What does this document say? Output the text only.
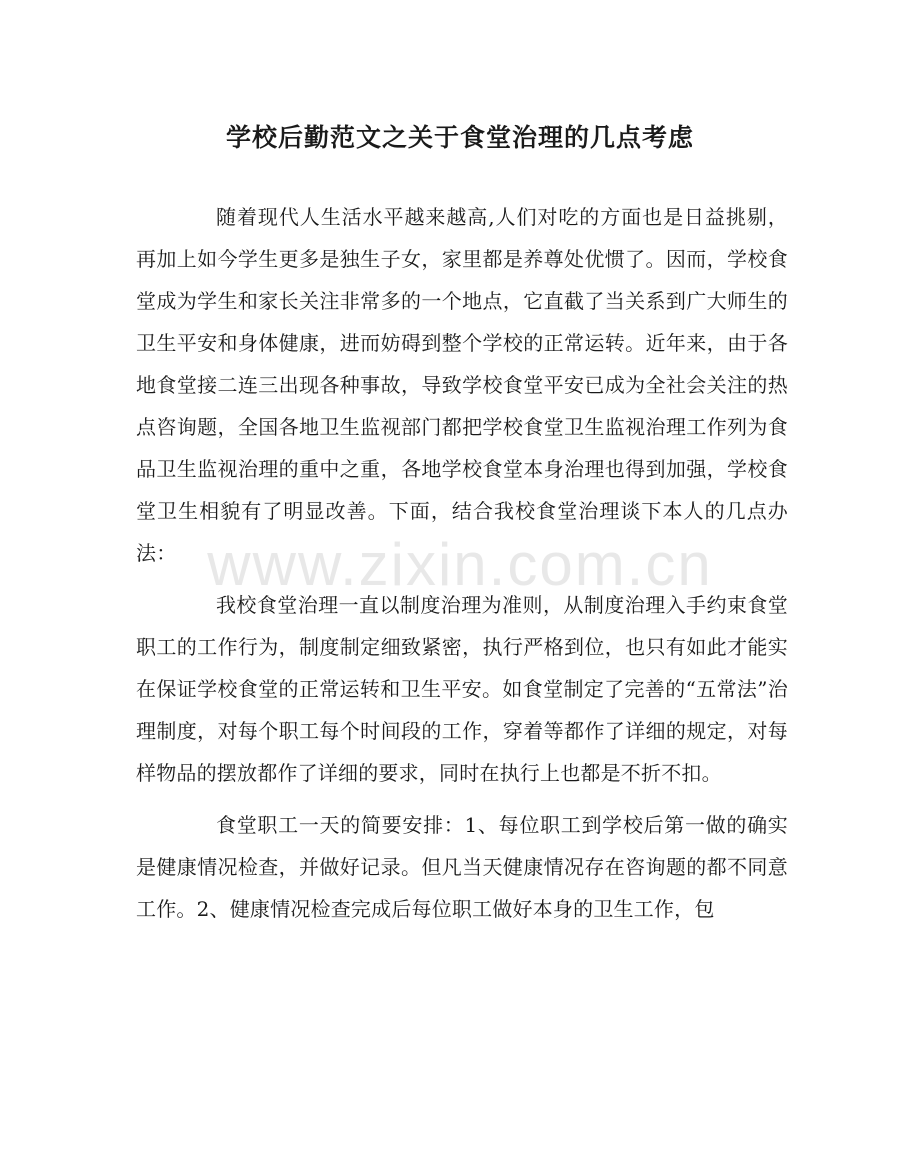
学校后勤范文之关于食堂治理的几点考虑

随着现代人生活水平越来越高,人们对吃的方面也是日益挑剔，再加上如今学生更多是独生子女，家里都是养尊处优惯了。因而，学校食堂成为学生和家长关注非常多的一个地点，它直截了当关系到广大师生的卫生平安和身体健康，进而妨碍到整个学校的正常运转。近年来，由于各地食堂接二连三出现各种事故，导致学校食堂平安已成为全社会关注的热点咨询题，全国各地卫生监视部门都把学校食堂卫生监视治理工作列为食品卫生监视治理的重中之重，各地学校食堂本身治理也得到加强，学校食堂卫生相貌有了明显改善。下面，结合我校食堂治理谈下本人的几点办法：

我校食堂治理一直以制度治理为准则，从制度治理入手约束食堂职工的工作行为，制度制定细致紧密，执行严格到位，也只有如此才能实在保证学校食堂的正常运转和卫生平安。如食堂制定了完善的“五常法”治理制度，对每个职工每个时间段的工作，穿着等都作了详细的规定，对每样物品的摆放都作了详细的要求，同时在执行上也都是不折不扣。

食堂职工一天的简要安排：1、每位职工到学校后第一做的确实是健康情况检查，并做好记录。但凡当天健康情况存在咨询题的都不同意工作。2、健康情况检查完成后每位职工做好本身的卫生工作，包

www.zixin.com.cn
